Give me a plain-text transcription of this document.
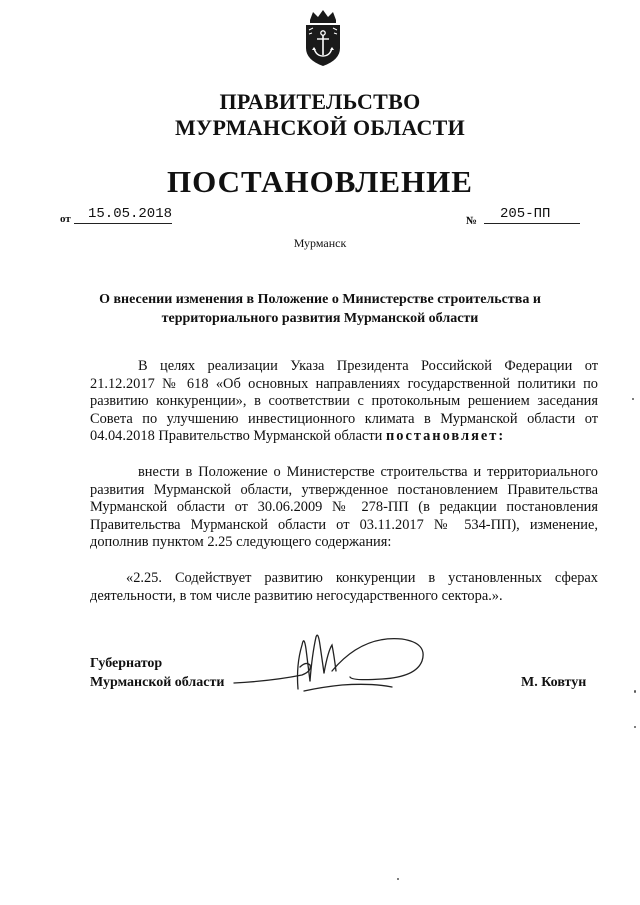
ПРАВИТЕЛЬСТВО
МУРМАНСКОЙ ОБЛАСТИ
ПОСТАНОВЛЕНИЕ
от 15.05.2018	№ 205-ПП
Мурманск
О внесении изменения в Положение о Министерстве строительства и
территориального развития Мурманской области
В целях реализации Указа Президента Российской Федерации от 21.12.2017 № 618 «Об основных направлениях государственной политики по развитию конкуренции», в соответствии с протокольным решением заседания Совета по улучшению инвестиционного климата в Мурманской области от 04.04.2018 Правительство Мурманской области постановляет:
внести в Положение о Министерстве строительства и территориального развития Мурманской области, утвержденное постановлением Правительства Мурманской области от 30.06.2009 № 278-ПП (в редакции постановления Правительства Мурманской области от 03.11.2017 № 534-ПП), изменение, дополнив пунктом 2.25 следующего содержания:
«2.25. Содействует развитию конкуренции в установленных сферах деятельности, в том числе развитию негосударственного сектора.».
Губернатор
Мурманской области	М. Ковтун
